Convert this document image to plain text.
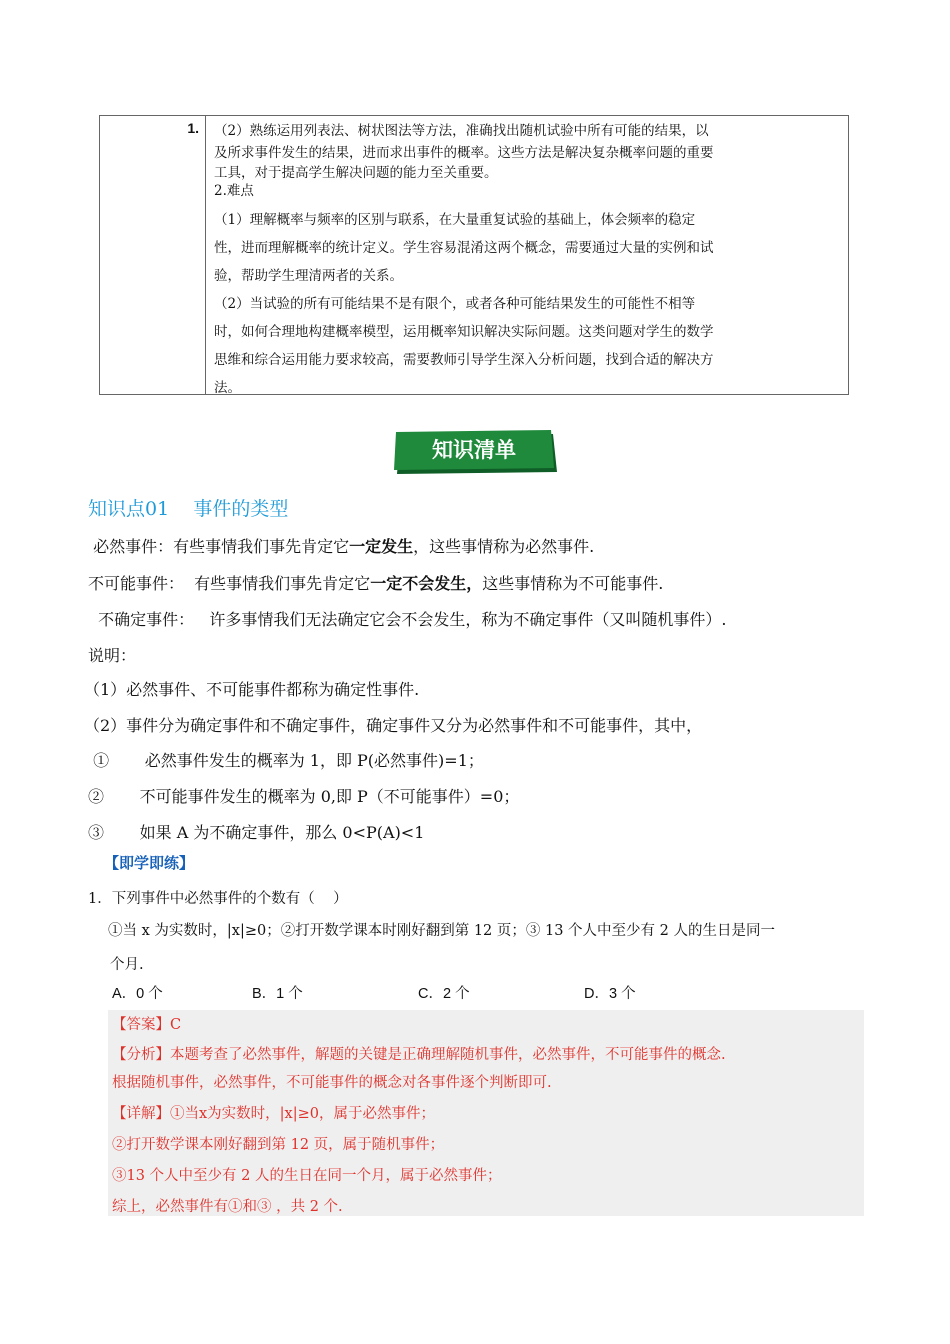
1. （2）熟练运用列表法、树状图法等方法，准确找出随机试验中所有可能的结果，以

及所求事件发生的结果，进而求出事件的概率。这些方法是解决复杂概率问题的重要

工具，对于提高学生解决问题的能力至关重要。

2.难点

（1）理解概率与频率的区别与联系，在大量重复试验的基础上，体会频率的稳定

性，进而理解概率的统计定义。学生容易混淆这两个概念，需要通过大量的实例和试

验，帮助学生理清两者的关系。

（2）当试验的所有可能结果不是有限个，或者各种可能结果发生的可能性不相等

时，如何合理地构建概率模型，运用概率知识解决实际问题。这类问题对学生的数学

思维和综合运用能力要求较高，需要教师引导学生深入分析问题，找到合适的解决方

法。

知识清单
知识点01    事件的类型
必然事件：有些事情我们事先肯定它一定发生，这些事情称为必然事件.
不可能事件：  有些事情我们事先肯定它一定不会发生，这些事情称为不可能事件.
不确定事件：   许多事情我们无法确定它会不会发生，称为不确定事件（又叫随机事件）.
说明：
（1）必然事件、不可能事件都称为确定性事件.
（2）事件分为确定事件和不确定事件，确定事件又分为必然事件和不可能事件，其中，
①       必然事件发生的概率为 1，即 P(必然事件)=1；
②       不可能事件发生的概率为 0,即 P（不可能事件）=0；
③       如果 A 为不确定事件，那么 0<P(A)<1
【即学即练】
1．下列事件中必然事件的个数有（    ）
①当 x 为实数时，|x|≥0；②打开数学课本时刚好翻到第 12 页；③ 13 个人中至少有 2 人的生日是同一
个月.
A．0 个	B．1 个	C．2 个	D．3 个
【答案】C
【分析】本题考查了必然事件，解题的关键是正确理解随机事件，必然事件，不可能事件的概念.
根据随机事件，必然事件，不可能事件的概念对各事件逐个判断即可.
【详解】①当x为实数时，|x|≥0，属于必然事件；
②打开数学课本刚好翻到第 12 页，属于随机事件；
③13 个人中至少有 2 人的生日在同一个月，属于必然事件；
综上，必然事件有①和③ ，共 2 个.
